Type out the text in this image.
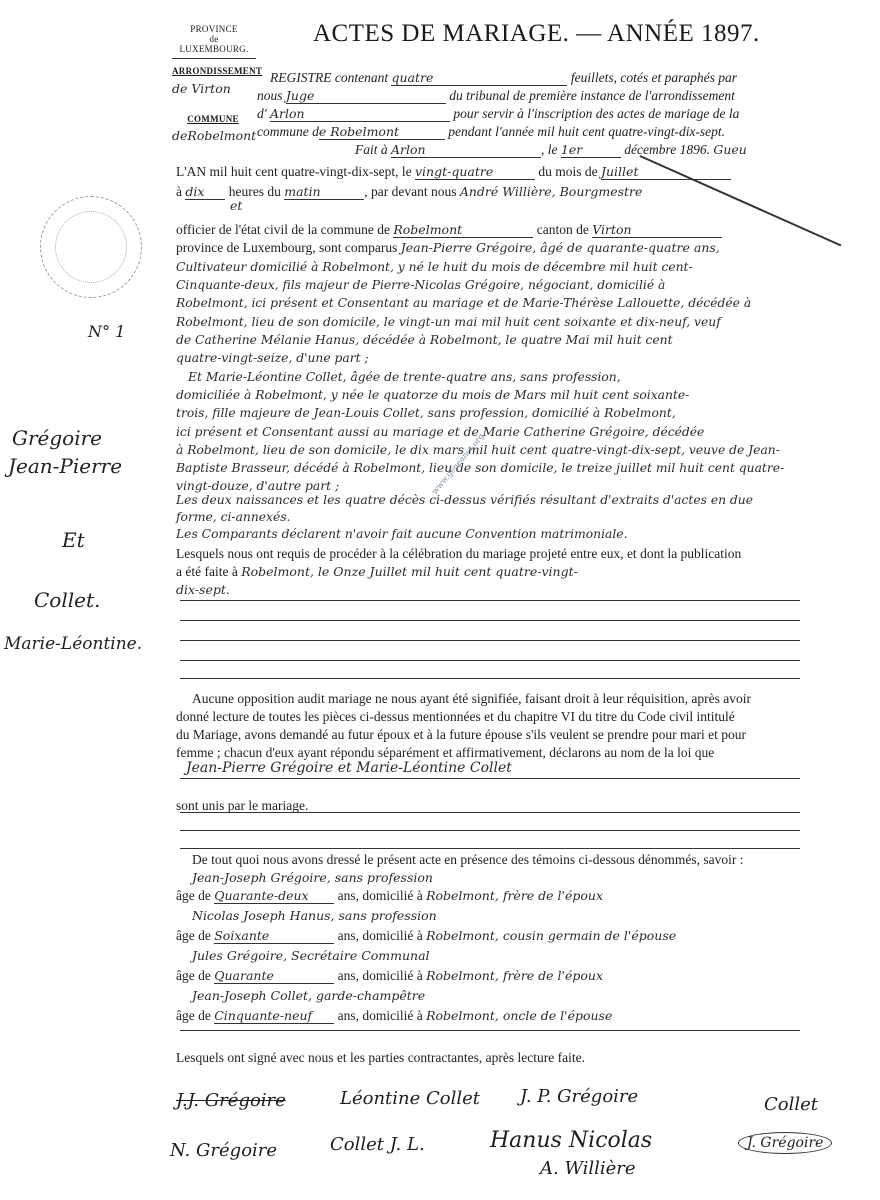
PROVINCE
de
LUXEMBOURG.
ARRONDISSEMENT
de Virton
COMMUNE
deRobelmont
ACTES DE MARIAGE. — ANNÉE 1897.
REGISTRE contenant quatre	feuillets, cotés et paraphés par
nous Juge	du tribunal de première instance de l'arrondissement
d' Arlon	pour servir à l'inscription des actes de mariage de la
commune de Robelmont	pendant l'année mil huit cent quatre-vingt-dix-sept.
Fait à Arlon	, le 1er	décembre 1896. Gueu
L'AN mil huit cent quatre-vingt-dix-sept, le vingt-quatre	du mois de Juillet
à dix heures du matin	, par devant nous André Willière, Bourgmestre
et
officier de l'état civil de la commune de Robelmont	canton de Virton
province de Luxembourg, sont comparus Jean-Pierre Grégoire, âgé de quarante-quatre ans,
Cultivateur domicilié à Robelmont, y né le huit du mois de décembre mil huit cent-
Cinquante-deux, fils majeur de Pierre-Nicolas Grégoire, négociant, domicilié à
Robelmont, ici présent et Consentant au mariage et de Marie-Thérèse Lallouette, décédée à
Robelmont, lieu de son domicile, le vingt-un mai mil huit cent soixante et dix-neuf, veuf
de Catherine Mélanie Hanus, décédée à Robelmont, le quatre Mai mil huit cent
quatre-vingt-seize, d'une part ;
Et Marie-Léontine Collet, âgée de trente-quatre ans, sans profession,
domiciliée à Robelmont, y née le quatorze du mois de Mars mil huit cent soixante-
trois, fille majeure de Jean-Louis Collet, sans profession, domicilié à Robelmont,
ici présent et Consentant aussi au mariage et de Marie Catherine Grégoire, décédée
à Robelmont, lieu de son domicile, le dix mars mil huit cent quatre-vingt-dix-sept, veuve de Jean-
Baptiste Brasseur, décédé à Robelmont, lieu de son domicile, le treize juillet mil huit cent quatre-
vingt-douze, d'autre part ;
Les deux naissances et les quatre décès ci-dessus vérifiés résultant d'extraits d'actes en due
forme, ci-annexés.
Les Comparants déclarent n'avoir fait aucune Convention matrimoniale.
Lesquels nous ont requis de procéder à la célébration du mariage projeté entre eux, et dont la publication
a été faite à Robelmont, le Onze Juillet mil huit cent quatre-vingt-
dix-sept.
www.geneanet.org
Aucune opposition audit mariage ne nous ayant été signifiée, faisant droit à leur réquisition, après avoir
donné lecture de toutes les pièces ci-dessus mentionnées et du chapitre VI du titre du Code civil intitulé
du Mariage, avons demandé au futur époux et à la future épouse s'ils veulent se prendre pour mari et pour
femme ; chacun d'eux ayant répondu séparément et affirmativement, déclarons au nom de la loi que
Jean-Pierre Grégoire et Marie-Léontine Collet
sont unis par le mariage.
De tout quoi nous avons dressé le présent acte en présence des témoins ci-dessous dénommés, savoir :
Jean-Joseph Grégoire, sans profession
âge de Quarante-deux ans, domicilié à Robelmont, frère de l'époux
Nicolas Joseph Hanus, sans profession
âge de Soixante	ans, domicilié à Robelmont, cousin germain de l'épouse
Jules Grégoire, Secrétaire Communal
âge de Quarante	ans, domicilié à Robelmont, frère de l'époux
Jean-Joseph Collet, garde-champêtre
âge de Cinquante-neuf ans, domicilié à Robelmont, oncle de l'épouse
Lesquels ont signé avec nous et les parties contractantes, après lecture faite.
J.J. Grégoire	Léontine Collet J. P. Grégoire	Collet
N. Grégoire	Collet J. L.	Hanus Nicolas	J. Grégoire
A. Willière
N° 1
Grégoire
Jean-Pierre
Et
Collet.
Marie-Léontine.
